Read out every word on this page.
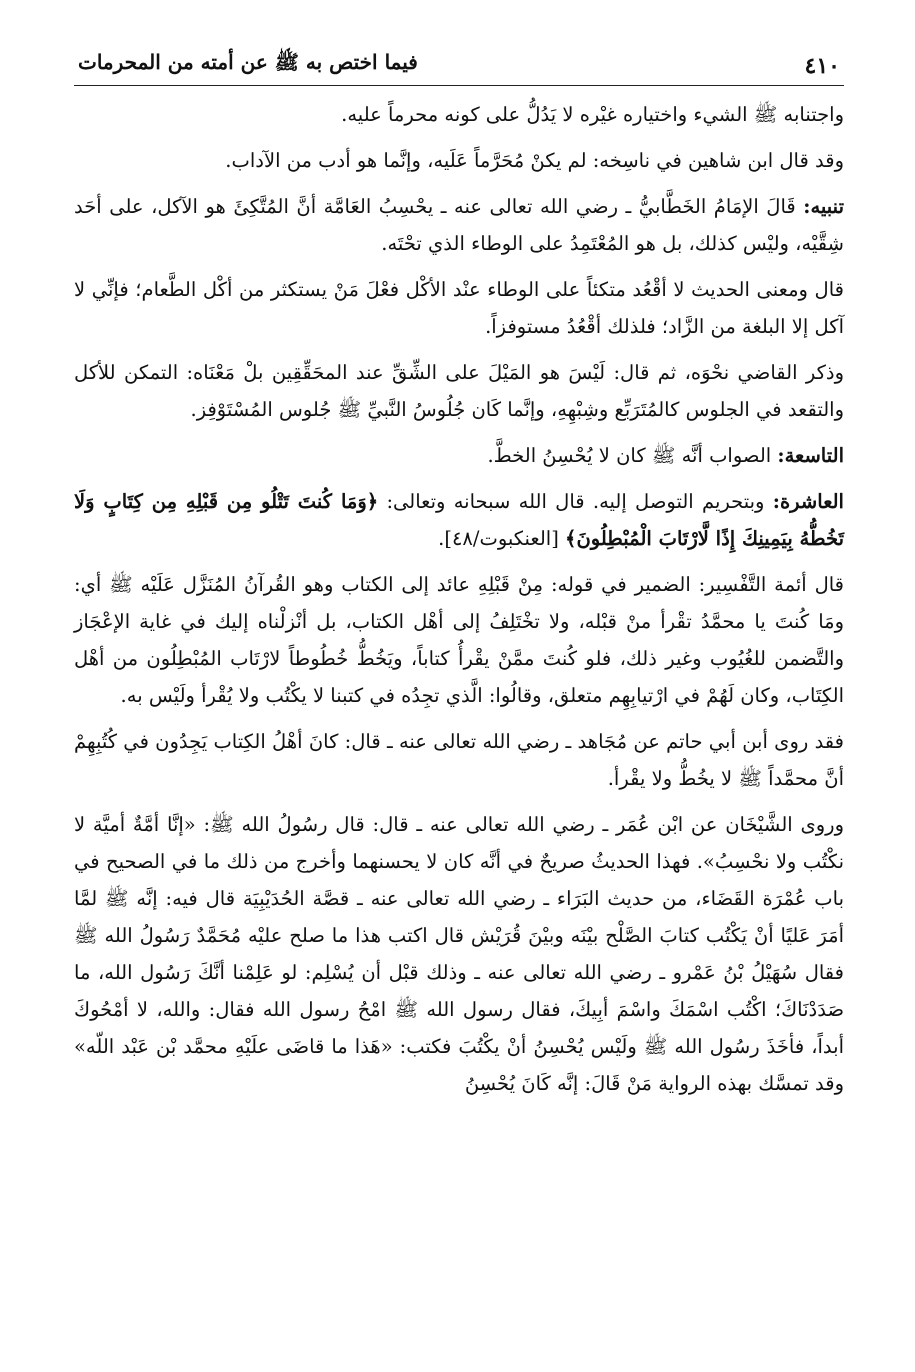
٤١٠
فيما اختص به ﷺ عن أمته من المحرمات

واجتنابه ﷺ الشيء واختياره غيْره لا يَدُلُّ على كونه محرماً عليه.

وقد قال ابن شاهين في ناسِخه: لم يكنْ مُحَرَّماً عَلَيه، وإنَّما هو أدب من الآداب.

تنبيه: قَالَ الإمَامُ الخَطَّابيُّ ـ رضي الله تعالى عنه ـ يحْسِبُ العَامَّة أنَّ المُتَّكِئَ هو الآكل، على أحَد شِقَّيْه، وليْس كذلك، بل هو المُعْتَمِدُ على الوطاء الذي تحْتَه.

قال ومعنى الحديث لا أقْعُد متكئاً على الوطاء عنْد الأكْل فعْلَ مَنْ يستكثر من أكْل الطَّعام؛ فإنِّي لا آكل إلا البلغة من الزَّاد؛ فلذلك أقْعُدُ مستوفزاً.

وذكر القاضي نحْوَه، ثم قال: لَيْسَ هو المَيْلَ على الشِّقِّ عند المحَقِّقِين بلْ مَعْنَاه: التمكن للأكل والتقعد في الجلوس كالمُتَرَبِّع وشِبْهِهِ، وإنَّما كَان جُلُوسُ النَّبيِّ ﷺ جُلوس المُسْتَوْفِز.

التاسعة: الصواب أنَّه ﷺ كان لا يُحْسِنُ الخطَّ.

العاشرة: وبتحريم التوصل إليه. قال الله سبحانه وتعالى: ﴿وَمَا كُنتَ تَتْلُو مِن قَبْلِهِ مِن كِتَابٍ وَلَا تَخُطُّهُ بِيَمِينِكَ إِذًا لَّارْتَابَ الْمُبْطِلُونَ﴾ [العنكبوت/٤٨].

قال أئمة التَّفْسِير: الضمير في قوله: مِنْ قَبْلِهِ عائد إلى الكتاب وهو القُرآنُ المُنَزَّل عَلَيْه ﷺ أي: ومَا كُنتَ يا محمَّدُ تقْرأ منْ قبْله، ولا تخْتَلِفُ إلى أهْل الكتاب، بل أنْزلْناه إليك في غاية الإعْجَاز والتَّضمن للغُيُوب وغير ذلك، فلو كُنتَ ممَّنْ يقْرأُ كتاباً، ويَخُطُّ خُطُوطاً لارْتَاب المُبْطِلُون من أهْل الكِتَاب، وكان لَهُمْ في ارْتيابِهِم متعلق، وقالُوا: الَّذي تجِدُه في كتبنا لا يكْتُب ولا يُقْرأ ولَيْس به.

فقد روى أبن أبي حاتم عن مُجَاهد ـ رضي الله تعالى عنه ـ قال: كانَ أهْلُ الكِتاب يَجِدُون في كُتُبِهِمْ أنَّ محمَّداً ﷺ لا يخُطُّ ولا يقْرأ.

وروى الشَّيْخَان عن ابْن عُمَر ـ رضي الله تعالى عنه ـ قال: قال رسُولُ الله ﷺ: «إنَّا أمَّةٌ أميَّة لا نكْتُب ولا نحْسِبُ». فهذا الحديثُ صريحٌ في أنَّه كان لا يحسنهما وأخرج من ذلك ما في الصحيح في باب عُمْرَة القَضَاء، من حديث البَرَاء ـ رضي الله تعالى عنه ـ قصَّة الحُدَيْبِيَة قال فيه: إنَّه ﷺ لمَّا أمَرَ عَليًا أنْ يَكْتُب كتابَ الصَّلْح بيْنَه وبيْنَ قُرَيْش قال اكتب هذا ما صلح عليْه مُحَمَّدٌ رَسُولُ الله ﷺ فقال سُهَيْلُ بْنُ عَمْرو ـ رضي الله تعالى عنه ـ وذلك قبْل أن يُسْلِم: لو عَلِمْنا أنَّكَ رَسُول الله، ما صَدَدْنَاكَ؛ اكْتُب اسْمَكَ واسْمَ أبِيكَ، فقال رسول الله ﷺ امْحُ رسول الله فقال: والله، لا أمْحُوكَ أبداً، فأخَذَ رسُول الله ﷺ ولَيْس يُحْسِنُ أنْ يكْتُبَ فكتب: «هَذا ما قاضَى علَيْهِ محمَّد بْن عَبْد اللّه» وقد تمسَّك بهذه الرواية مَنْ قَالَ: إنَّه كَانَ يُحْسِنُ
